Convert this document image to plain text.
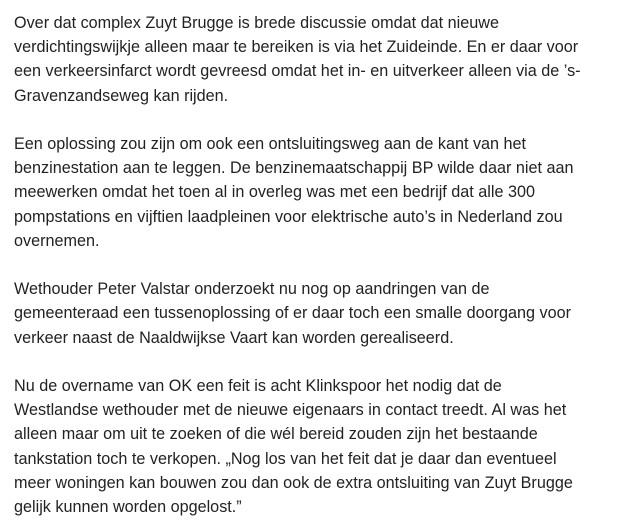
Over dat complex Zuyt Brugge is brede discussie omdat dat nieuwe
verdichtingswijkje alleen maar te bereiken is via het Zuideinde. En er daar voor
een verkeersinfarct wordt gevreesd omdat het in- en uitverkeer alleen via de ’s-
Gravenzandseweg kan rijden.

Een oplossing zou zijn om ook een ontsluitingsweg aan de kant van het
benzinestation aan te leggen. De benzinemaatschappij BP wilde daar niet aan
meewerken omdat het toen al in overleg was met een bedrijf dat alle 300
pompstations en vijftien laadpleinen voor elektrische auto’s in Nederland zou
overnemen.

Wethouder Peter Valstar onderzoekt nu nog op aandringen van de
gemeenteraad een tussenoplossing of er daar toch een smalle doorgang voor
verkeer naast de Naaldwijkse Vaart kan worden gerealiseerd.

Nu de overname van OK een feit is acht Klinkspoor het nodig dat de
Westlandse wethouder met de nieuwe eigenaars in contact treedt. Al was het
alleen maar om uit te zoeken of die wél bereid zouden zijn het bestaande
tankstation toch te verkopen. „Nog los van het feit dat je daar dan eventueel
meer woningen kan bouwen zou dan ook de extra ontsluiting van Zuyt Brugge
gelijk kunnen worden opgelost.”
